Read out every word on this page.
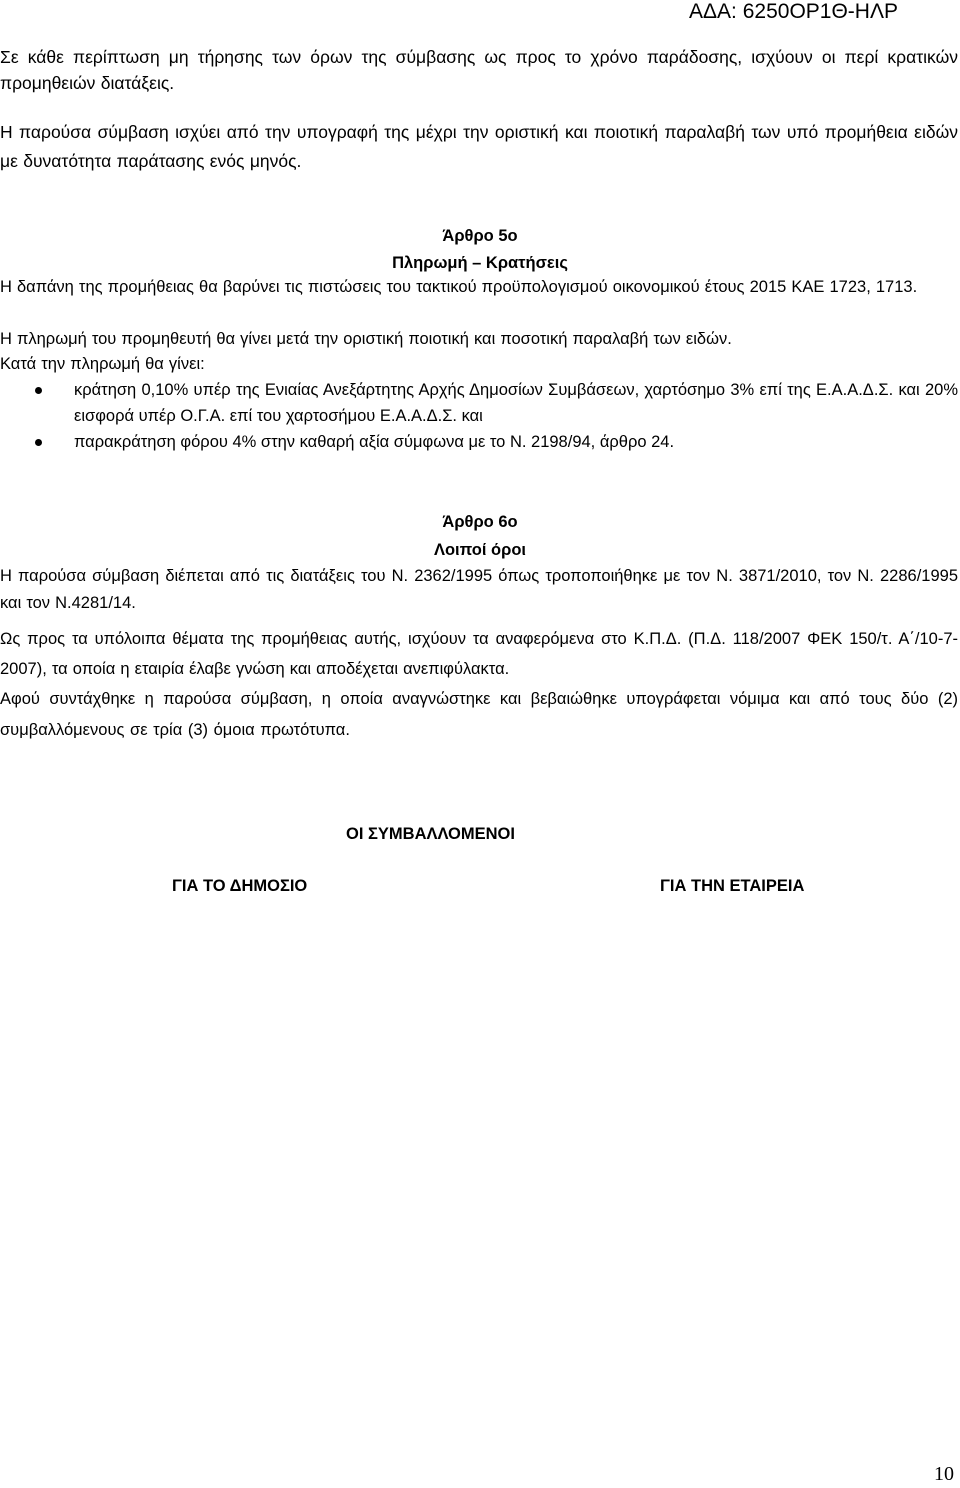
ΑΔΑ: 6250ΟΡ1Θ-ΗΛΡ

Σε κάθε περίπτωση μη τήρησης των όρων της σύμβασης ως προς το χρόνο παράδοσης, ισχύουν οι περί κρατικών προμηθειών διατάξεις.

Η παρούσα σύμβαση ισχύει από την υπογραφή της μέχρι την οριστική και ποιοτική παραλαβή των υπό προμήθεια ειδών με δυνατότητα παράτασης ενός μηνός.

Άρθρο 5ο
Πληρωμή – Κρατήσεις

Η δαπάνη της προμήθειας θα βαρύνει τις πιστώσεις του τακτικού προϋπολογισμού οικονομικού έτους 2015 ΚΑΕ 1723, 1713.

Η πληρωμή του προμηθευτή θα γίνει μετά την οριστική ποιοτική και ποσοτική παραλαβή των ειδών.

Κατά την πληρωμή θα γίνει:

κράτηση 0,10% υπέρ της Ενιαίας Ανεξάρτητης Αρχής Δημοσίων Συμβάσεων, χαρτόσημο 3% επί της Ε.Α.Α.Δ.Σ. και 20% εισφορά υπέρ Ο.Γ.Α. επί του χαρτοσήμου Ε.Α.Α.Δ.Σ. και
παρακράτηση φόρου 4% στην καθαρή αξία σύμφωνα με το Ν. 2198/94, άρθρο 24.
Άρθρο 6ο
Λοιποί όροι

Η παρούσα σύμβαση διέπεται από τις διατάξεις του Ν. 2362/1995 όπως τροποποιήθηκε με τον Ν. 3871/2010, τον Ν. 2286/1995 και τον Ν.4281/14.

Ως προς τα υπόλοιπα θέματα της προμήθειας αυτής, ισχύουν τα αναφερόμενα στο Κ.Π.Δ. (Π.Δ. 118/2007 ΦΕΚ 150/τ. Α΄/10-7-2007), τα οποία η εταιρία έλαβε γνώση και αποδέχεται ανεπιφύλακτα.

Αφού συντάχθηκε η παρούσα σύμβαση, η οποία αναγνώστηκε και βεβαιώθηκε υπογράφεται νόμιμα και από τους δύο (2) συμβαλλόμενους σε τρία (3) όμοια πρωτότυπα.

ΟΙ ΣΥΜΒΑΛΛΟΜΕΝΟΙ
ΓΙΑ ΤΟ ΔΗΜΟΣΙΟ	ΓΙΑ ΤΗΝ ΕΤΑΙΡΕΙΑ
10
